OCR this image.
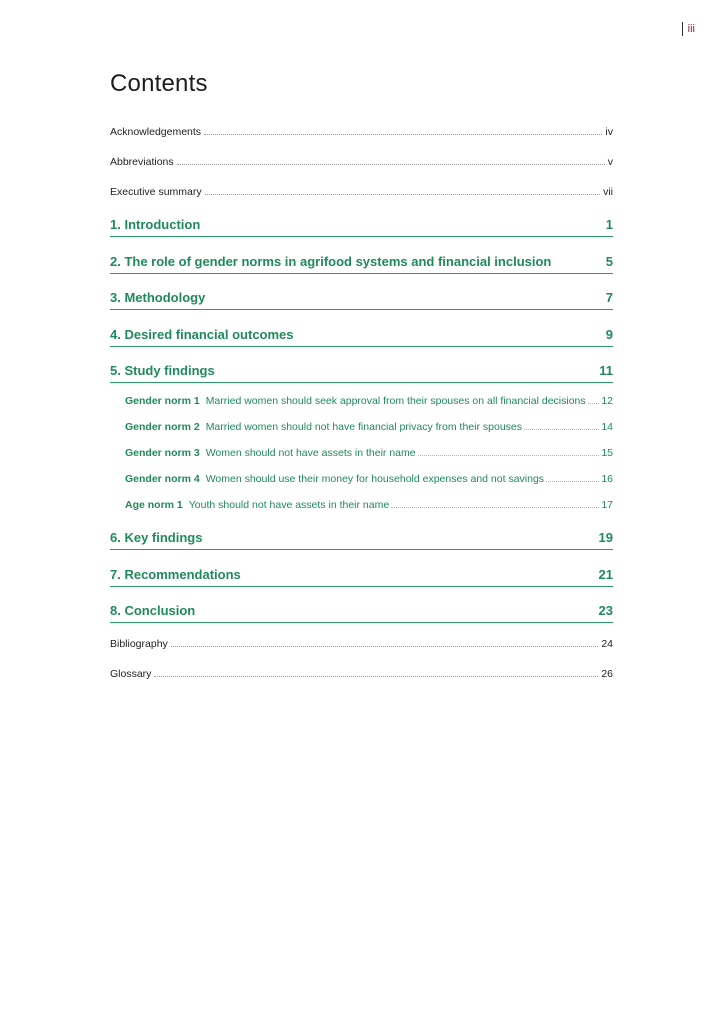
iii
Contents
Acknowledgements	iv
Abbreviations	v
Executive summary	vii
1. Introduction	1
2. The role of gender norms in agrifood systems and financial inclusion	5
3. Methodology	7
4. Desired financial outcomes	9
5. Study findings	11
Gender norm 1 Married women should seek approval from their spouses on all financial decisions 12
Gender norm 2 Married women should not have financial privacy from their spouses	14
Gender norm 3 Women should not have assets in their name	15
Gender norm 4 Women should use their money for household expenses and not savings	16
Age norm 1 Youth should not have assets in their name	17
6. Key findings	19
7. Recommendations	21
8. Conclusion	23
Bibliography	24
Glossary	26
